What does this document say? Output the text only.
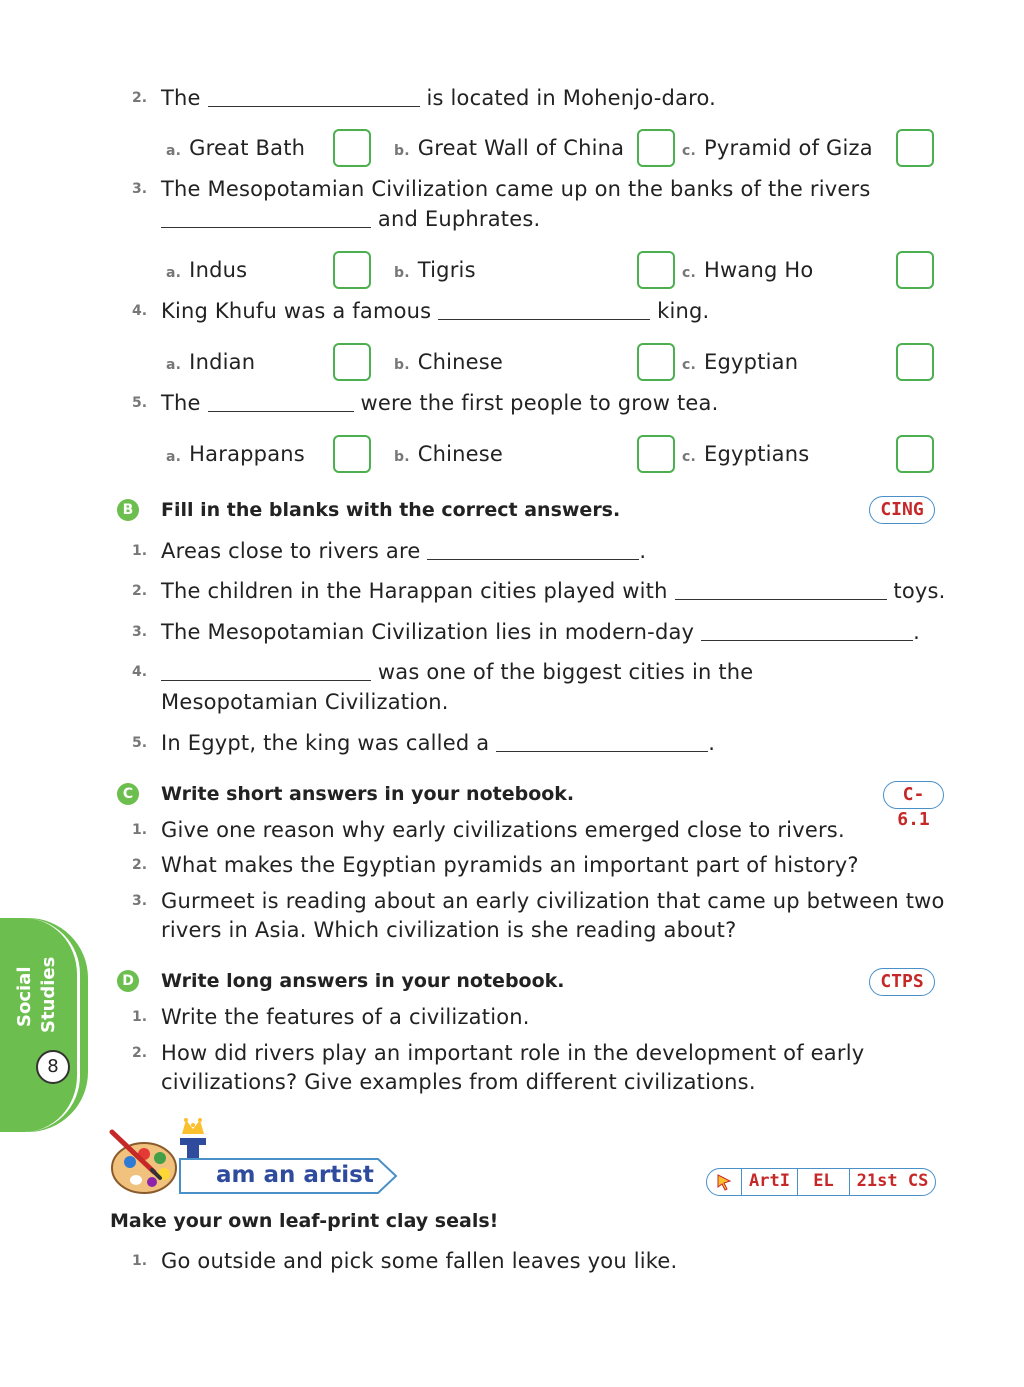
2. The	is located in Mohenjo-daro.
a. Great Bath	b. Great Wall of China	c. Pyramid of Giza
3. The Mesopotamian Civilization came up on the banks of the rivers
and Euphrates.
a. Indus	b. Tigris	c. Hwang Ho
4. King Khufu was a famous	king.
a. Indian	b. Chinese	c. Egyptian
5. The	were the first people to grow tea.
a. Harappans	b. Chinese	c. Egyptians
B Fill in the blanks with the correct answers.	CING
1. Areas close to rivers are	.
2. The children in the Harappan cities played with	toys.
3. The Mesopotamian Civilization lies in modern-day	.
4.	was one of the biggest cities in the
Mesopotamian Civilization.
5. In Egypt, the king was called a	.
C	Write short answers in your notebook.	C-6.1
1. Give one reason why early civilizations emerged close to rivers.
2. What makes the Egyptian pyramids an important part of history?
3. Gurmeet is reading about an early civilization that came up between two
rivers in Asia. Which civilization is she reading about?
D Write long answers in your notebook.	CTPS
1. Write the features of a civilization.
2. How did rivers play an important role in the development of early
civilizations? Give examples from different civilizations.
Social Studies
8
am an artist	ArtI	EL	21st CS
Make your own leaf-print clay seals!
1. Go outside and pick some fallen leaves you like.
